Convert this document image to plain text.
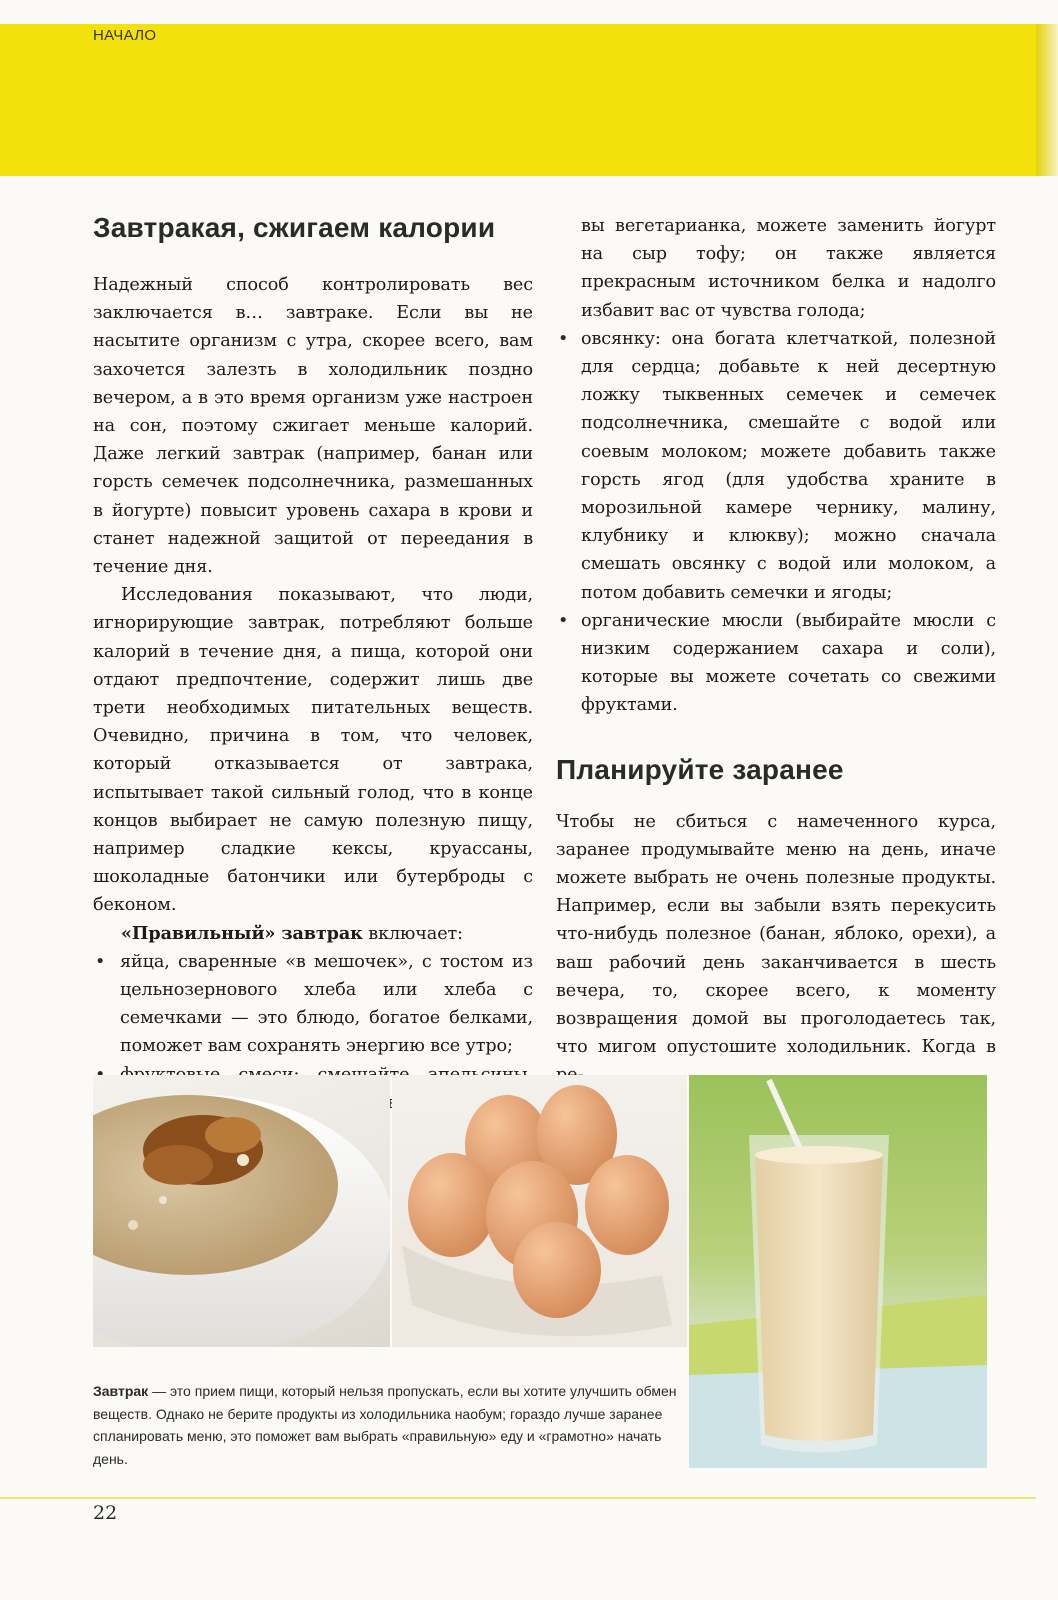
НАЧАЛО
Завтракая, сжигаем калории

Надежный способ контролировать вес заключается в… завтраке. Если вы не насытите организм с утра, скорее всего, вам захочется залезть в холодильник поздно вечером, а в это время организм уже настроен на сон, поэтому сжигает меньше калорий. Даже легкий завтрак (например, банан или горсть семечек подсолнечника, размешанных в йогурте) повысит уровень сахара в крови и станет надежной защитой от переедания в течение дня.

Исследования показывают, что люди, игнорирующие завтрак, потребляют больше калорий в течение дня, а пища, которой они отдают предпочтение, содержит лишь две трети необходимых питательных веществ. Очевидно, причина в том, что человек, который отказывается от завтрака, испытывает такой сильный голод, что в конце концов выбирает не самую полезную пищу, например сладкие кексы, круассаны, шоколадные батончики или бутерброды с беконом.

«Правильный» завтрак включает:

• яйца, сваренные «в мешочек», с тостом из цельнозернового хлеба или хлеба с семечками — это блюдо, богатое белками, поможет вам сохранять энергию все утро;
•

вы вегетарианка, можете заменить йогурт на сыр тофу; он также является прекрасным источником белка и надолго избавит вас от чувства голода;

• овсянку: она богата клетчаткой, полезной для сердца; добавьте к ней десертную ложку тыквенных семечек и семечек подсолнечника, смешайте с водой или соевым молоком; можете добавить также горсть ягод (для удобства храните в морозильной камере чернику, малину, клубнику и клюкву); можно сначала смешать овсянку с водой или молоком, а потом добавить семечки и ягоды;
• органические мюсли (выбирайте мюсли с низким содержанием сахара и соли), которые вы можете сочетать со свежими фруктами.
Планируйте заранее

Чтобы не сбиться с намеченного курса, заранее продумывайте меню на день, иначе можете выбрать не очень полезные продукты. Например, если вы забыли взять перекусить что-нибудь полезное (банан, яблоко, орехи), а ваш рабочий день заканчивается в шесть вечера, то, скорее всего, к моменту возвращения домой вы проголодаетесь так, что мигом опустошите холодильник. Когда в

Завтрак — это прием пищи, который нельзя пропускать, если вы хотите улучшить обмен веществ. Однако не берите продукты из холодильника наобум; гораздо лучше заранее спланировать меню, это поможет вам выбрать «правильную» еду и «грамотно» начать день.
22
